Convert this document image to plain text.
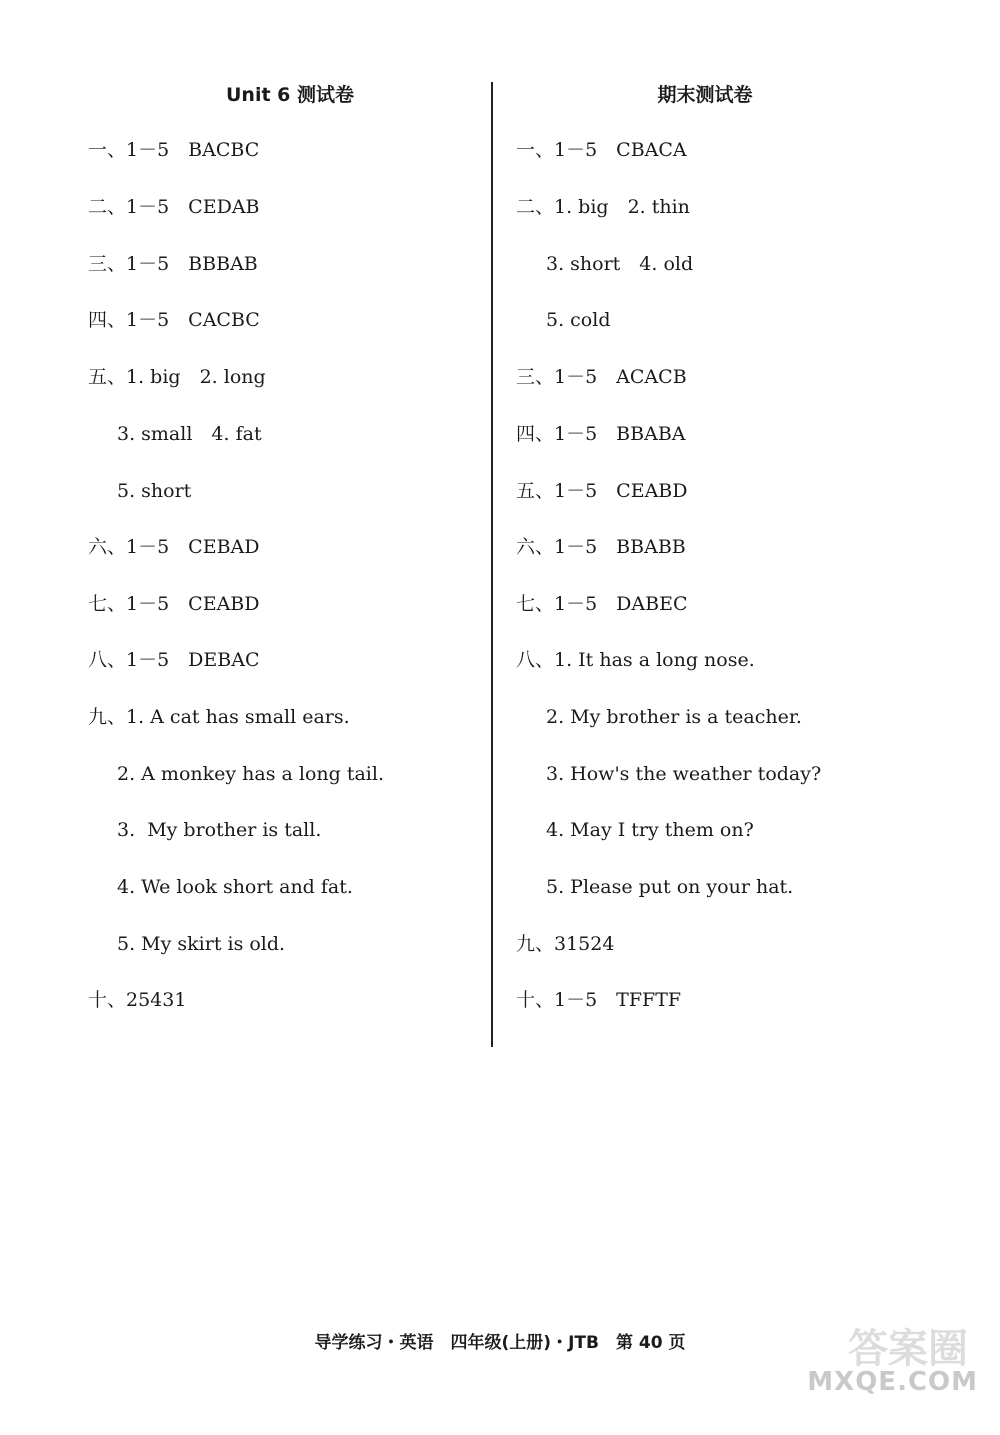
Unit 6 测试卷	期末测试卷
一、1－5　BACBC
二、1－5　CEDAB
三、1－5　BBBAB
四、1－5　CACBC
五、1. big　2. long
3. small　4. fat
5. short
六、1－5　CEBAD
七、1－5　CEABD
八、1－5　DEBAC
九、1. A cat has small ears.
2. A monkey has a long tail.
3.  My brother is tall.
4. We look short and fat.
5. My skirt is old.
十、25431
一、1－5　CBACA
二、1. big　2. thin
3. short　4. old
5. cold
三、1－5　ACACB
四、1－5　BBABA
五、1－5　CEABD
六、1－5　BBABB
七、1－5　DABEC
八、1. It has a long nose.
2. My brother is a teacher.
3. How's the weather today?
4. May I try them on?
5. Please put on your hat.
九、31524
十、1－5　TFFTF
导学练习・英语　四年级(上册)・JTB　第 40 页	答案圈
MXQE.COM
